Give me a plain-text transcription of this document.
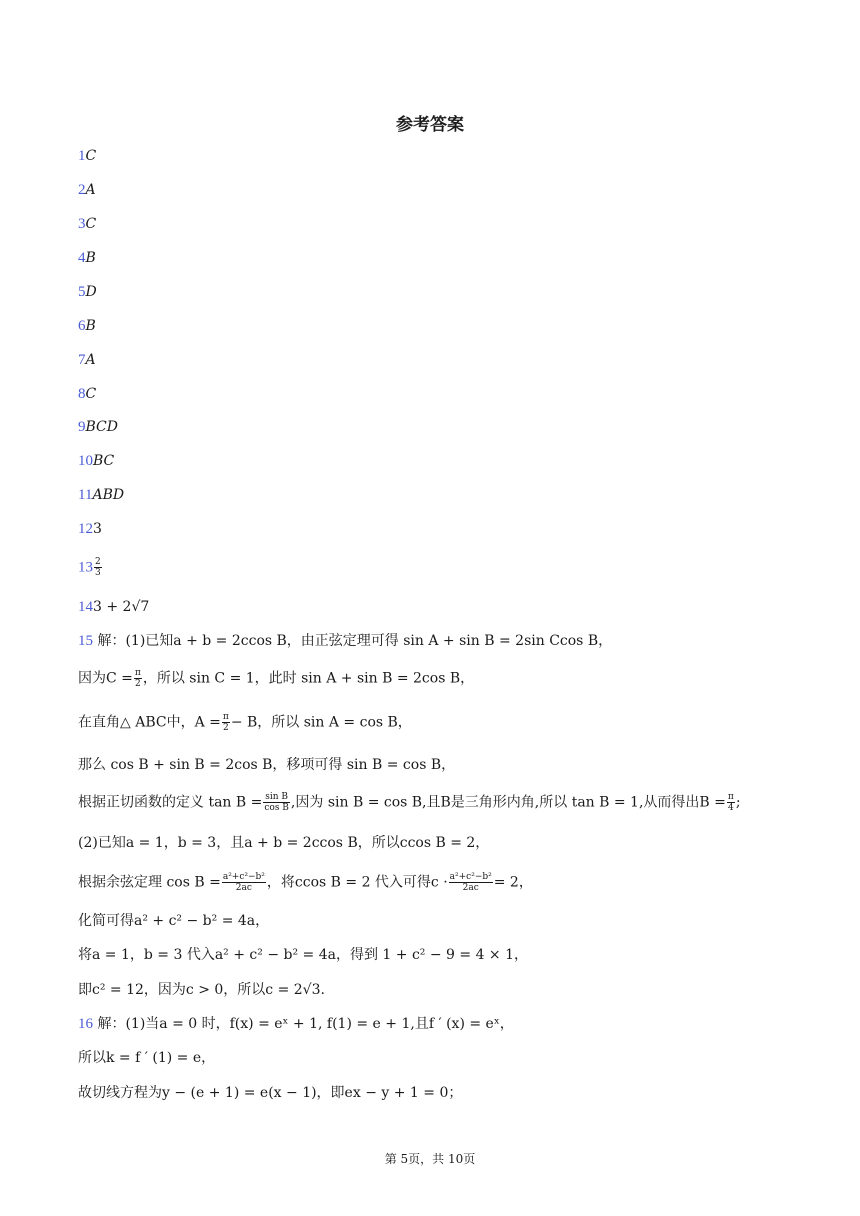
参考答案
1C
2A
3C
4B
5D
6B
7A
8C
9BCD
10BC
11ABD
123
$13 \frac{2}{3}$
143 + 2√7
15 解：(1)已知a + b = 2ccos B，由正弦定理可得 sin A + sin B = 2sin Ccos B，
因为$C = \frac{\pi}{2}$ ，所以 sin C = 1，此时 sin A + sin B = 2cos B，
在直角△ ABC中，$A = \frac{\pi}{2} - B$，所以 sin A = cos B，
那么 cos B + sin B = 2cos B，移项可得 sin B = cos B，
根据正切函数的定义 $\tan B = \frac{\text{sin B}}{\text{cos B}}$ ,因为 sin B = cos B,且B是三角形内角,所以 tan B = 1,从而得出$B = \frac{\pi}{4}$ ;
(2)已知a = 1，b = 3，且a + b = 2ccos B，所以ccos B = 2，
根据余弦定理 $\cos B = \frac{\text{a²+c²−b²}}{2ac}$ ，将ccos B = 2 代入可得$c \cdot \frac{\text{a²+c²−b²}}{2ac} = 2$，
化简可得a² + c² − b² = 4a，
将a = 1，b = 3 代入a² + c² − b² = 4a，得到 1 + c² − 9 = 4 × 1，
即c² = 12，因为c > 0，所以c = 2√3.
16 解：(1)当a = 0 时，f(x) = eˣ + 1, f(1) = e + 1,且f ′ (x) = eˣ，
所以k = f ′ (1) = e，
故切线方程为y − (e + 1) = e(x − 1)，即ex − y + 1 = 0；
第 5页，共 10页
